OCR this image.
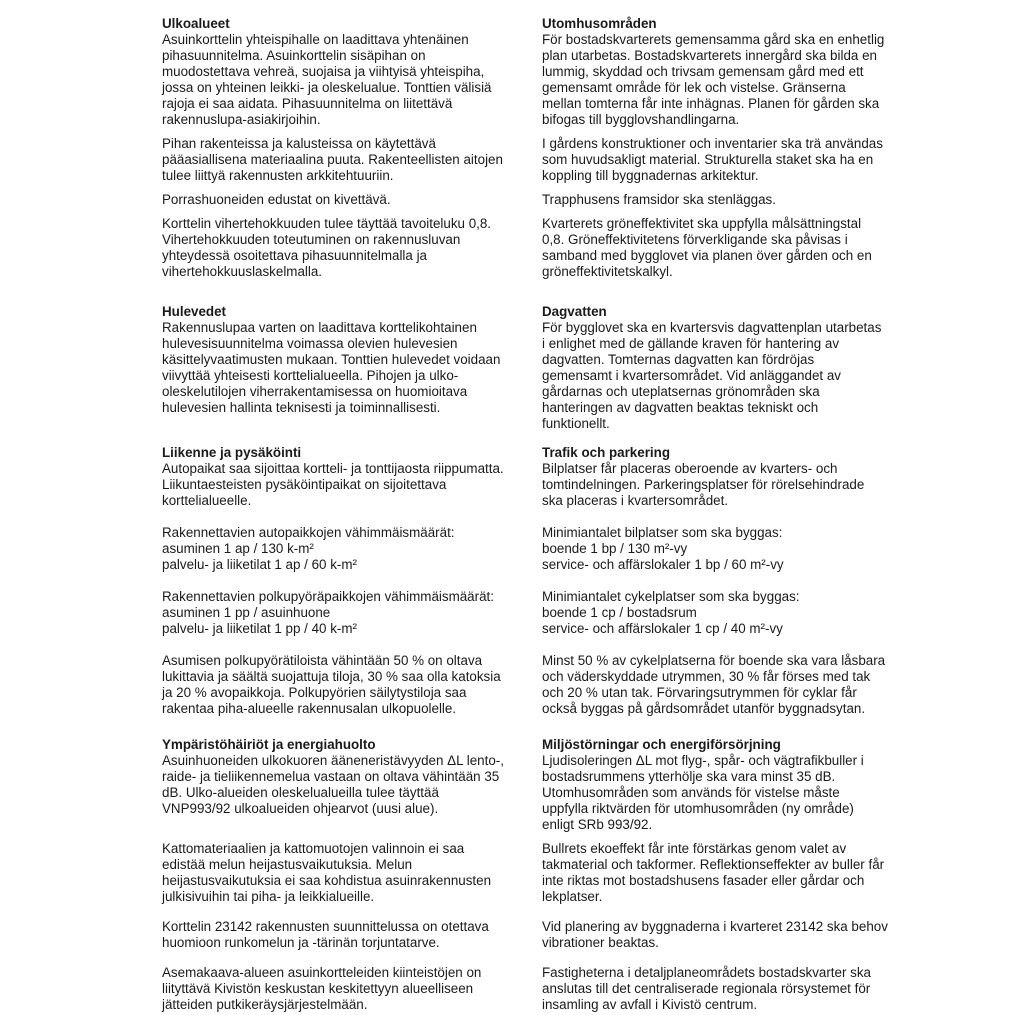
Ulkoalueet

Asuinkorttelin yhteispihalle on laadittava yhtenäinen
pihasuunnitelma. Asuinkorttelin sisäpihan on
muodostettava vehreä, suojaisa ja viihtyisä yhteispiha,
jossa on yhteinen leikki- ja oleskelualue. Tonttien välisiä
rajoja ei saa aidata. Pihasuunnitelma on liitettävä
rakennuslupa-asiakirjoihin.

Pihan rakenteissa ja kalusteissa on käytettävä
pääasiallisena materiaalina puuta. Rakenteellisten aitojen
tulee liittyä rakennusten arkkitehtuuriin.

Porrashuoneiden edustat on kivettävä.

Korttelin vihertehokkuuden tulee täyttää tavoiteluku 0,8.
Vihertehokkuuden toteutuminen on rakennusluvan
yhteydessä osoitettava pihasuunnitelmalla ja
vihertehokkuuslaskelmalla.

Hulevedet

Rakennuslupaa varten on laadittava korttelikohtainen
hulevesisuunnitelma voimassa olevien hulevesien
käsittelyvaatimusten mukaan. Tonttien hulevedet voidaan
viivyttää yhteisesti korttelialueella. Pihojen ja ulko-
oleskelutilojen viherrakentamisessa on huomioitava
hulevesien hallinta teknisesti ja toiminnallisesti.

Liikenne ja pysäköinti

Autopaikat saa sijoittaa kortteli- ja tonttijaosta riippumatta.
Liikuntaesteisten pysäköintipaikat on sijoitettava
korttelialueelle.

Rakennettavien autopaikkojen vähimmäismäärät:
asuminen 1 ap / 130 k-m²
palvelu- ja liiketilat 1 ap / 60 k-m²

Rakennettavien polkupyöräpaikkojen vähimmäismäärät:
asuminen 1 pp / asuinhuone
palvelu- ja liiketilat 1 pp / 40 k-m²

Asumisen polkupyörätiloista vähintään 50 % on oltava
lukittavia ja säältä suojattuja tiloja, 30 % saa olla katoksia
ja 20 % avopaikkoja. Polkupyörien säilytystiloja saa
rakentaa piha-alueelle rakennusalan ulkopuolelle.

Ympäristöhäiriöt ja energiahuolto

Asuinhuoneiden ulkokuoren ääneneristävyyden ΔL lento-,
raide- ja tieliikennemelua vastaan on oltava vähintään 35
dB. Ulko-alueiden oleskelualueilla tulee täyttää
VNP993/92 ulkoalueiden ohjearvot (uusi alue).

Kattomateriaalien ja kattomuotojen valinnoin ei saa
edistää melun heijastusvaikutuksia. Melun
heijastusvaikutuksia ei saa kohdistua asuinrakennusten
julkisivuihin tai piha- ja leikkialueille.

Korttelin 23142 rakennusten suunnittelussa on otettava
huomioon runkomelun ja -tärinän torjuntatarve.

Asemakaava-alueen asuinkortteleiden kiinteistöjen on
liityttävä Kivistön keskustan keskitettyyn alueelliseen
jätteiden putkikeräysjärjestelmään.

Utomhusområden

För bostadskvarterets gemensamma gård ska en enhetlig
plan utarbetas. Bostadskvarterets innergård ska bilda en
lummig, skyddad och trivsam gemensam gård med ett
gemensamt område för lek och vistelse. Gränserna
mellan tomterna får inte inhägnas. Planen för gården ska
bifogas till bygglovshandlingarna.

I gårdens konstruktioner och inventarier ska trä användas
som huvudsakligt material. Strukturella staket ska ha en
koppling till byggnadernas arkitektur.

Trapphusens framsidor ska stenläggas.

Kvarterets gröneffektivitet ska uppfylla målsättningstal
0,8. Gröneffektivitetens förverkligande ska påvisas i
samband med bygglovet via planen över gården och en
gröneffektivitetskalkyl.

Dagvatten

För bygglovet ska en kvartersvis dagvattenplan utarbetas
i enlighet med de gällande kraven för hantering av
dagvatten. Tomternas dagvatten kan fördröjas
gemensamt i kvartersområdet. Vid anläggandet av
gårdarnas och uteplatsernas grönområden ska
hanteringen av dagvatten beaktas tekniskt och
funktionellt.

Trafik och parkering

Bilplatser får placeras oberoende av kvarters- och
tomtindelningen. Parkeringsplatser för rörelsehindrade
ska placeras i kvartersområdet.

Minimiantalet bilplatser som ska byggas:
boende 1 bp / 130 m²-vy
service- och affärslokaler 1 bp / 60 m²-vy

Minimiantalet cykelplatser som ska byggas:
boende 1 cp / bostadsrum
service- och affärslokaler 1 cp / 40 m²-vy

Minst 50 % av cykelplatserna för boende ska vara låsbara
och väderskyddade utrymmen, 30 % får förses med tak
och 20 % utan tak. Förvaringsutrymmen för cyklar får
också byggas på gårdsområdet utanför byggnadsytan.

Miljöstörningar och energiförsörjning

Ljudisoleringen ΔL mot flyg-, spår- och vägtrafikbuller i
bostadsrummens ytterhölje ska vara minst 35 dB.
Utomhusområden som används för vistelse måste
uppfylla riktvärden för utomhusområden (ny område)
enligt SRb 993/92.

Bullrets ekoeffekt får inte förstärkas genom valet av
takmaterial och takformer. Reflektionseffekter av buller får
inte riktas mot bostadshusens fasader eller gårdar och
lekplatser.

Vid planering av byggnaderna i kvarteret 23142 ska behov
vibrationer beaktas.

Fastigheterna i detaljplaneområdets bostadskvarter ska
anslutas till det centraliserade regionala rörsystemet för
insamling av avfall i Kivistö centrum.
